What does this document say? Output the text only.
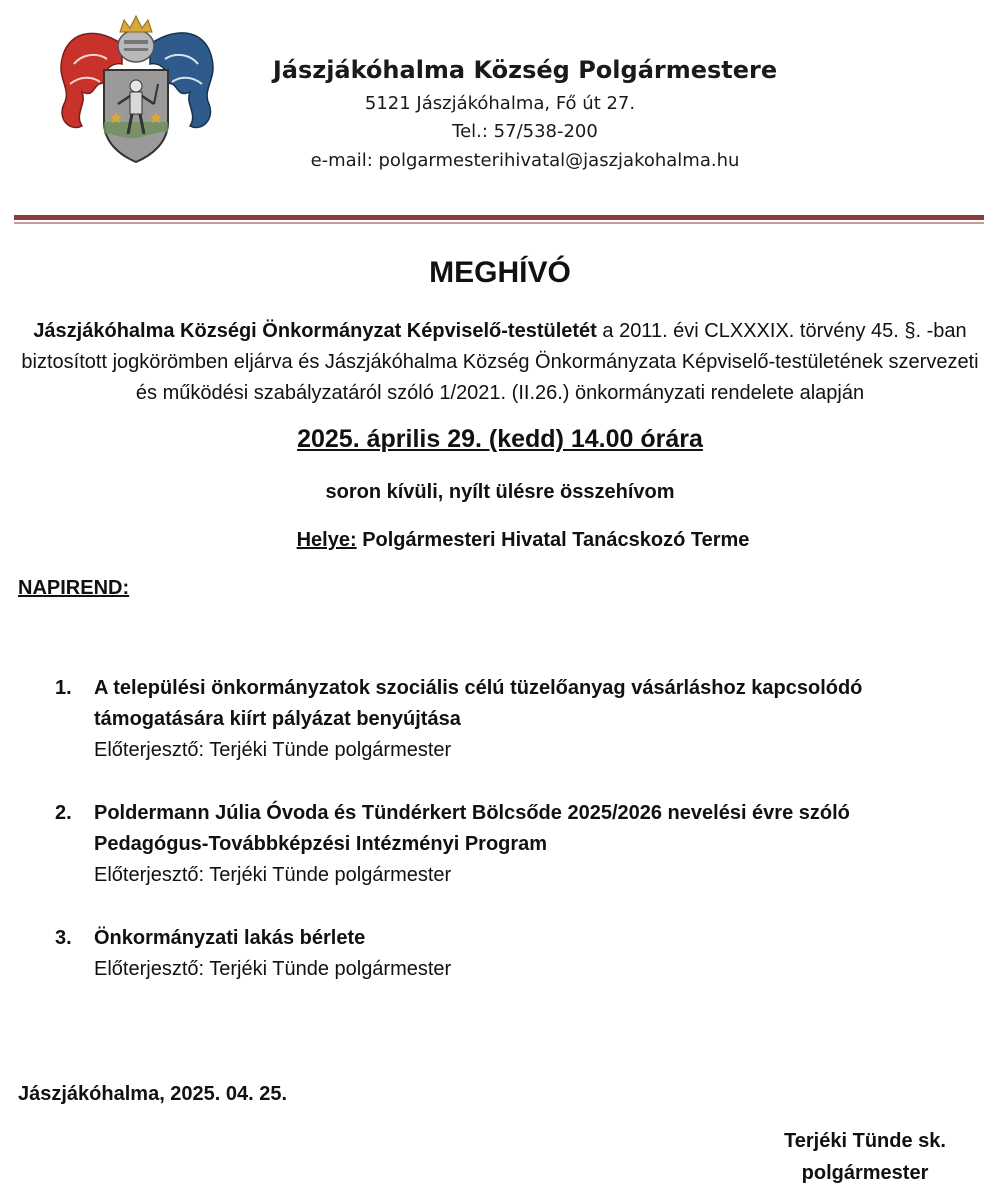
Jászjákóhalma Község Polgármestere
5121 Jászjákóhalma, Fő út 27.
Tel.: 57/538-200
e-mail: polgarmesterihivatal@jaszjakohalma.hu
MEGHÍVÓ
Jászjákóhalma Községi Önkormányzat Képviselő-testületét a 2011. évi CLXXXIX. törvény 45. §. -ban biztosított jogkörömben eljárva és Jászjákóhalma Község Önkormányzata Képviselő-testületének szervezeti és működési szabályzatáról szóló 1/2021. (II.26.) önkormányzati rendelete alapján
2025. április 29. (kedd) 14.00 órára
soron kívüli, nyílt ülésre összehívom
Helye: Polgármesteri Hivatal Tanácskozó Terme
NAPIREND:
1. A települési önkormányzatok szociális célú tüzelőanyag vásárláshoz kapcsolódó támogatására kiírt pályázat benyújtása
Előterjesztő: Terjéki Tünde polgármester
2. Poldermann Júlia Óvoda és Tündérkert Bölcsőde 2025/2026 nevelési évre szóló Pedagógus-Továbbképzési Intézményi Program
Előterjesztő: Terjéki Tünde polgármester
3. Önkormányzati lakás bérlete
Előterjesztő: Terjéki Tünde polgármester
Jászjákóhalma, 2025. 04. 25.
Terjéki Tünde sk.
polgármester
